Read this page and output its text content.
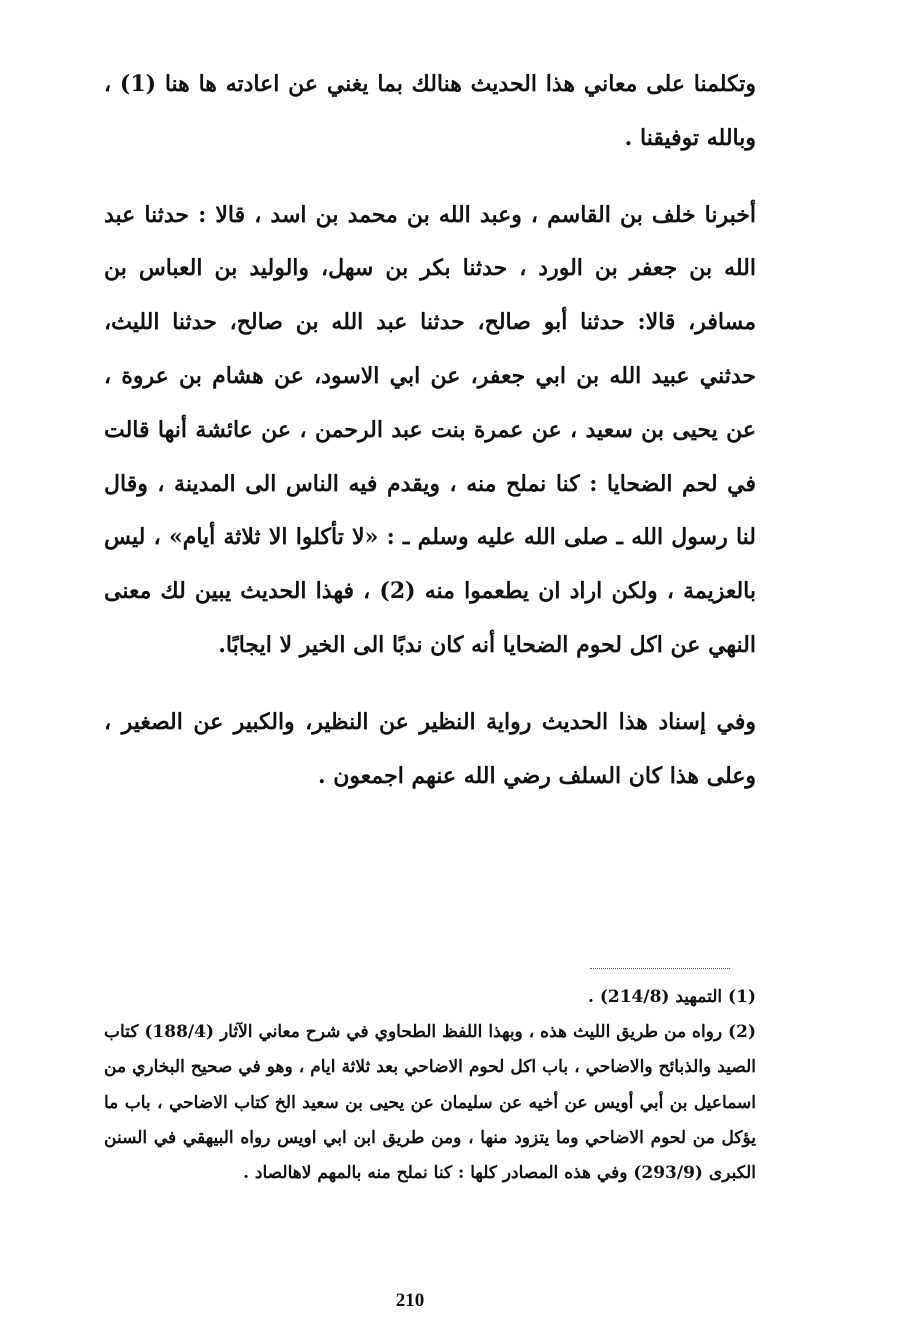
وتكلمنا على معاني هذا الحديث هنالك بما يغني عن اعادته ها هنا (1) ، وبالله توفيقنا .

أخبرنا خلف بن القاسم ، وعبد الله بن محمد بن اسد ، قالا : حدثنا عبد الله بن جعفر بن الورد ، حدثنا بكر بن سهل، والوليد بن العباس بن مسافر، قالا: حدثنا أبو صالح، حدثنا عبد الله بن صالح، حدثنا الليث، حدثني عبيد الله بن ابي جعفر، عن ابي الاسود، عن هشام بن عروة ، عن يحيى بن سعيد ، عن عمرة بنت عبد الرحمن ، عن عائشة أنها قالت في لحم الضحايا : كنا نملح منه ، ويقدم فيه الناس الى المدينة ، وقال لنا رسول الله ـ صلى الله عليه وسلم ـ : «لا تأكلوا الا ثلاثة أيام» ، ليس بالعزيمة ، ولكن اراد ان يطعموا منه (2) ، فهذا الحديث يبين لك معنى النهي عن اكل لحوم الضحايا أنه كان ندبًا الى الخير لا ايجابًا.

وفي إسناد هذا الحديث رواية النظير عن النظير، والكبير عن الصغير ، وعلى هذا كان السلف رضي الله عنهم اجمعون .

(1) التمهيد (214/8) .

(2) رواه من طريق الليث هذه ، وبهذا اللفظ الطحاوي في شرح معاني الآثار (188/4) كتاب الصيد والذبائح والاضاحي ، باب اكل لحوم الاضاحي بعد ثلاثة ايام ، وهو في صحيح البخاري من اسماعيل بن أبي أويس عن أخيه عن سليمان عن يحيى بن سعيد الخ كتاب الاضاحي ، باب ما يؤكل من لحوم الاضاحي وما يتزود منها ، ومن طريق ابن ابي اويس رواه البيهقي في السنن الكبرى (293/9) وفي هذه المصادر كلها : كنا نملح منه بالمهم لاهالصاد .

210
